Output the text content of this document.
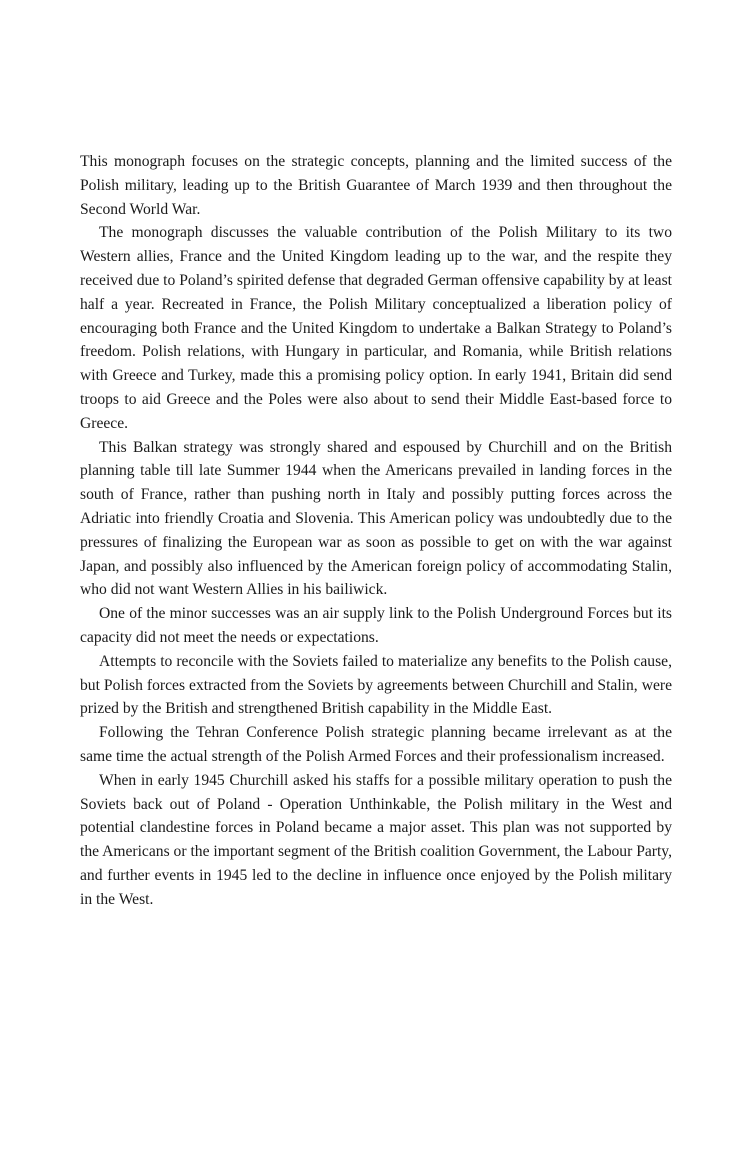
This monograph focuses on the strategic concepts, planning and the limited success of the Polish military, leading up to the British Guarantee of March 1939 and then throughout the Second World War.

The monograph discusses the valuable contribution of the Polish Military to its two Western allies, France and the United Kingdom leading up to the war, and the respite they received due to Poland’s spirited defense that degraded German offensive capability by at least half a year. Recreated in France, the Polish Military conceptualized a liberation policy of encouraging both France and the United Kingdom to undertake a Balkan Strategy to Poland’s freedom. Polish relations, with Hungary in particular, and Romania, while British relations with Greece and Turkey, made this a promising policy option. In early 1941, Britain did send troops to aid Greece and the Poles were also about to send their Middle East-based force to Greece.

This Balkan strategy was strongly shared and espoused by Churchill and on the British planning table till late Summer 1944 when the Americans prevailed in landing forces in the south of France, rather than pushing north in Italy and possibly putting forces across the Adriatic into friendly Croatia and Slovenia. This American policy was undoubtedly due to the pressures of finalizing the European war as soon as possible to get on with the war against Japan, and possibly also influenced by the American foreign policy of accommodating Stalin, who did not want Western Allies in his bailiwick.

One of the minor successes was an air supply link to the Polish Underground Forces but its capacity did not meet the needs or expectations.

Attempts to reconcile with the Soviets failed to materialize any benefits to the Polish cause, but Polish forces extracted from the Soviets by agreements between Churchill and Stalin, were prized by the British and strengthened British capability in the Middle East.

Following the Tehran Conference Polish strategic planning became irrelevant as at the same time the actual strength of the Polish Armed Forces and their professionalism increased.

When in early 1945 Churchill asked his staffs for a possible military operation to push the Soviets back out of Poland - Operation Unthinkable, the Polish military in the West and potential clandestine forces in Poland became a major asset. This plan was not supported by the Americans or the important segment of the British coalition Government, the Labour Party, and further events in 1945 led to the decline in influence once enjoyed by the Polish military in the West.
